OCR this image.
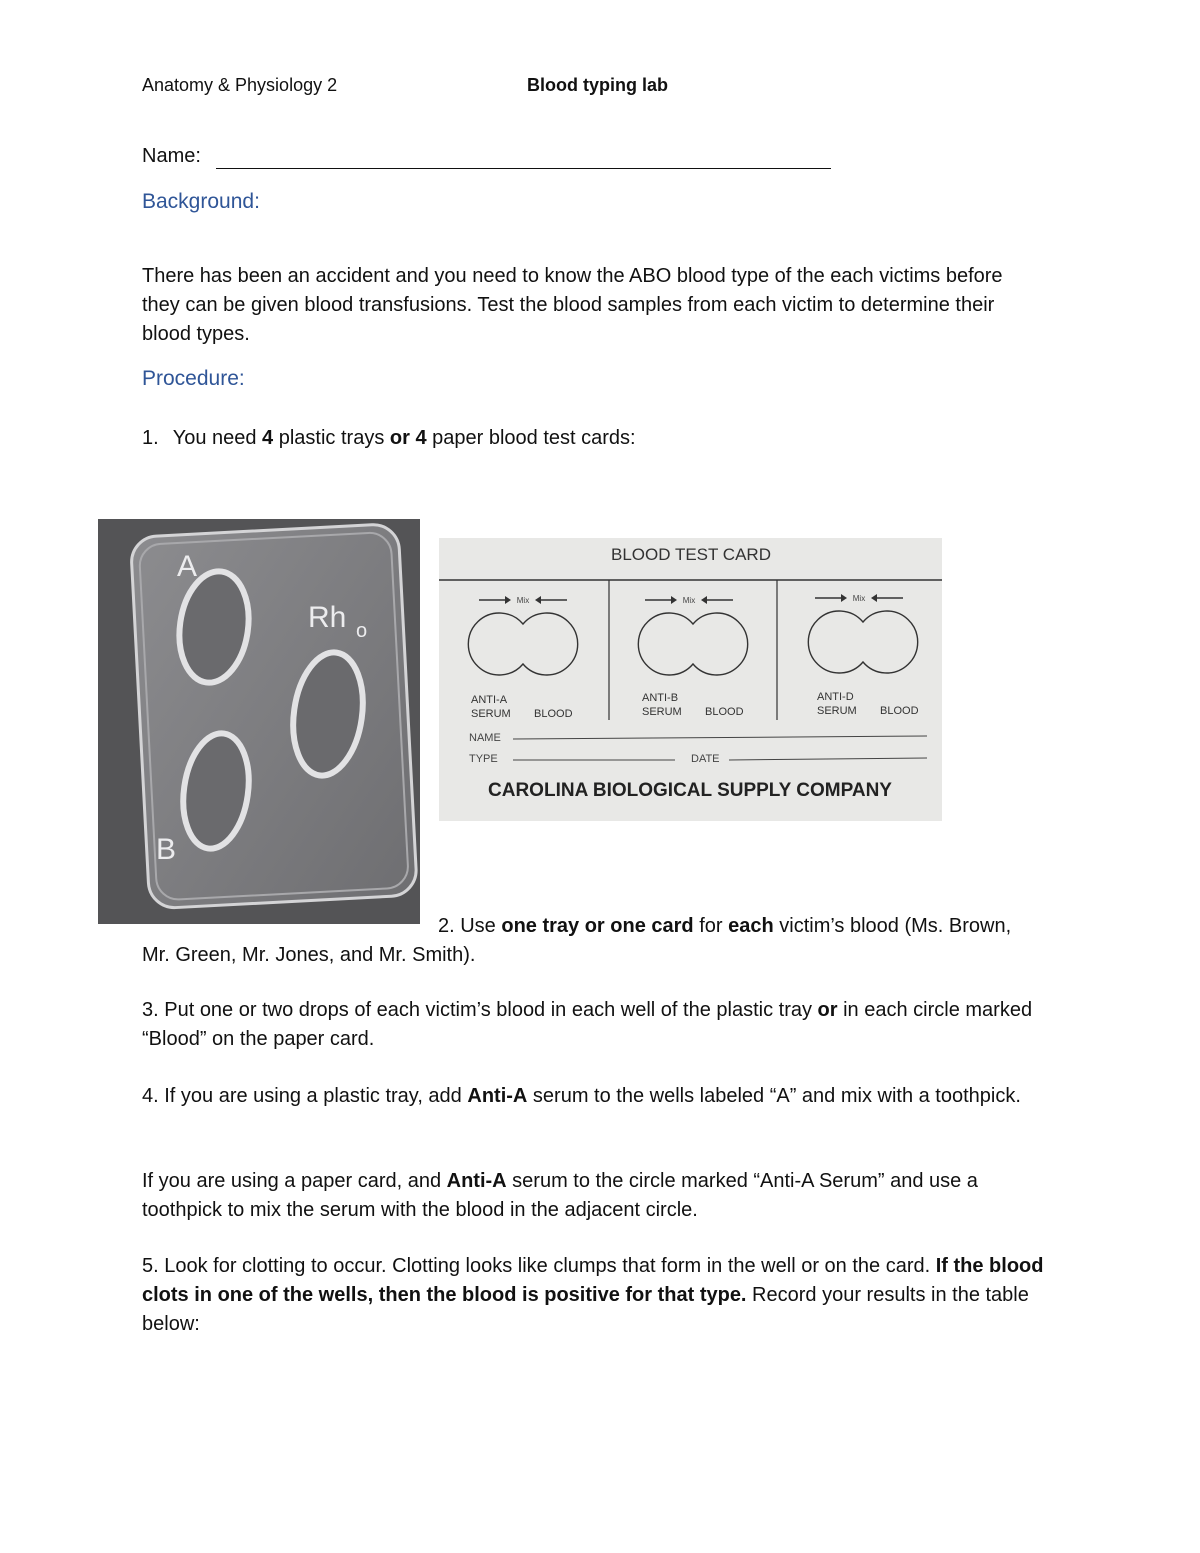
Anatomy & Physiology 2	Blood typing lab
Name:
Background:
There has been an accident and you need to know the ABO blood type of the each victims before they can be given blood transfusions. Test the blood samples from each victim to determine their blood types.
Procedure:
1. You need 4 plastic trays or 4 paper blood test cards:
A
Rh o
B
BLOOD TEST CARD
Mix
ANTI-A
SERUM BLOOD
Mix
ANTI-B
SERUM BLOOD
Mix
ANTI-D
SERUM BLOOD
NAME
TYPE	DATE
CAROLINA BIOLOGICAL SUPPLY COMPANY
2. Use one tray or one card for each victim’s blood (Ms. Brown,
Mr. Green, Mr. Jones, and Mr. Smith).
3. Put one or two drops of each victim’s blood in each well of the plastic tray or in each circle marked “Blood” on the paper card.
4. If you are using a plastic tray, add Anti-A serum to the wells labeled “A” and mix with a toothpick.
If you are using a paper card, and Anti-A serum to the circle marked “Anti-A Serum” and use a toothpick to mix the serum with the blood in the adjacent circle.
5. Look for clotting to occur. Clotting looks like clumps that form in the well or on the card. If the blood clots in one of the wells, then the blood is positive for that type. Record your results in the table below:
